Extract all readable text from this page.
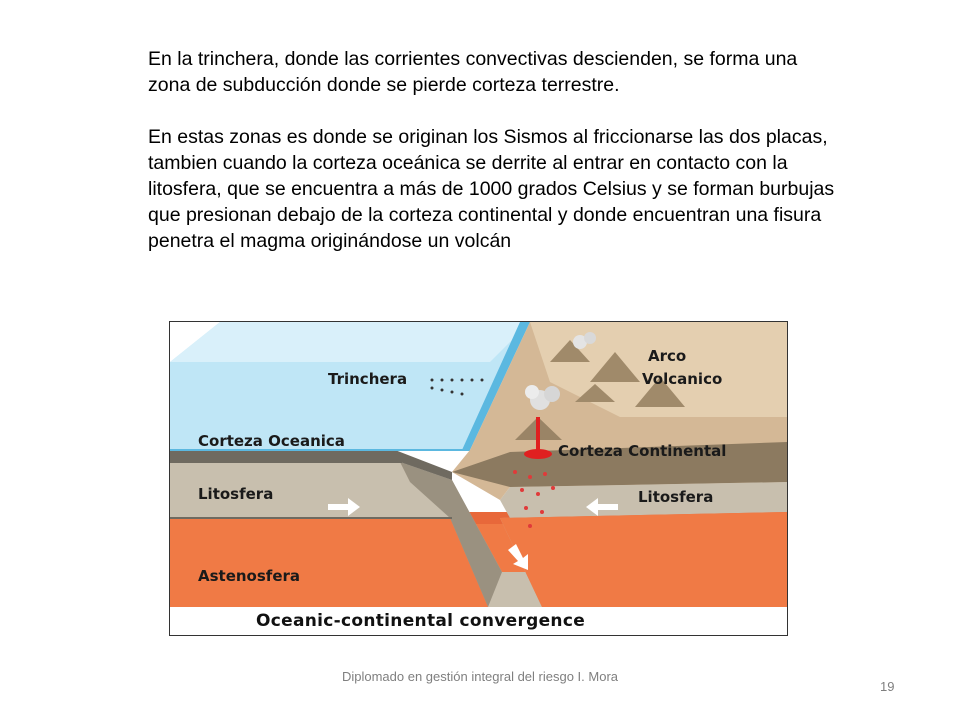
En la trinchera, donde las corrientes convectivas descienden, se forma una zona de subducción donde se pierde corteza terrestre.

En estas zonas es donde se originan los Sismos al friccionarse las dos placas, tambien cuando la corteza oceánica se derrite al entrar en contacto con la litosfera, que se encuentra a más de 1000 grados Celsius y se forman burbujas que presionan debajo de la corteza continental y donde encuentran una fisura penetra el magma originándose un volcán

Trinchera
Corteza Oceanica
Arco
Volcanico
Corteza Continental
Litosfera	Litosfera
Astenosfera
Oceanic-continental convergence
Diplomado en gestión integral del riesgo I. Mora
19
